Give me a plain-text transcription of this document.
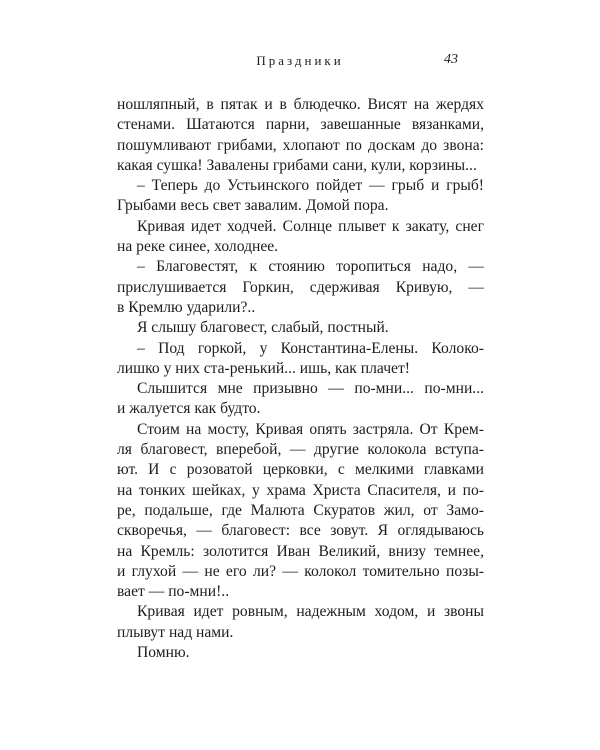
Праздники	43
ношляпный, в пятак и в блюдечко. Висят на жердях
стенами. Шатаются парни, завешанные вязанками,
пошумливают грибами, хлопают по доскам до звона:
какая сушка! Завалены грибами сани, кули, корзины...
– Теперь до Устьинского пойдет — грыб и грыб!
Грыбами весь свет завалим. Домой пора.
Кривая идет ходчей. Солнце плывет к закату, снег
на реке синее, холоднее.
– Благовестят, к стоянию торопиться надо, —
прислушивается Горкин, сдерживая Кривую, —
в Кремлю ударили?..
Я слышу благовест, слабый, постный.
– Под горкой, у Константина-Елены. Колоко-
лишко у них ста-ренький... ишь, как плачет!
Слышится мне призывно — по-мни... по-мни...
и жалуется как будто.
Стоим на мосту, Кривая опять застряла. От Крем-
ля благовест, вперебой, — другие колокола вступа-
ют. И с розоватой церковки, с мелкими главками
на тонких шейках, у храма Христа Спасителя, и по-
ре, подальше, где Малюта Скуратов жил, от Замо-
скворечья, — благовест: все зовут. Я оглядываюсь
на Кремль: золотится Иван Великий, внизу темнее,
и глухой — не его ли? — колокол томительно позы-
вает — по-мни!..
Кривая идет ровным, надежным ходом, и звоны
плывут над нами.
Помню.
